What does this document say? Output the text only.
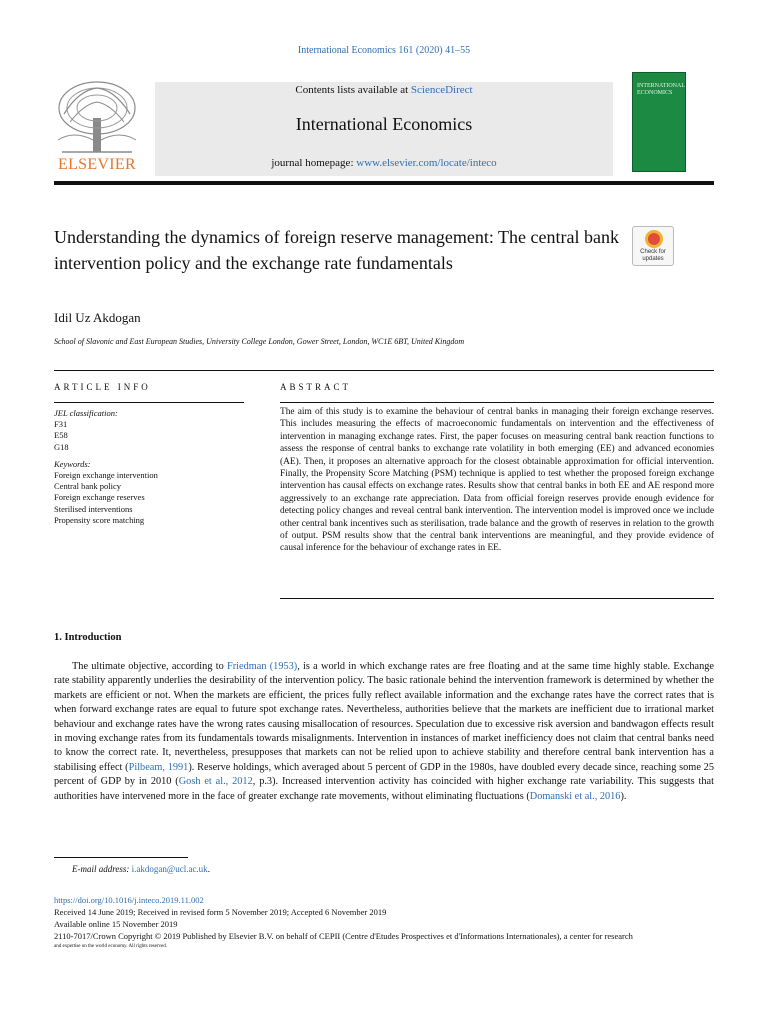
International Economics 161 (2020) 41–55
ELSEVIER
Contents lists available at ScienceDirect
International Economics
journal homepage: www.elsevier.com/locate/inteco
INTERNATIONAL
ECONOMICS
Understanding the dynamics of foreign reserve management: The central bank intervention policy and the exchange rate fundamentals
Check for
updates
Idil Uz Akdogan
School of Slavonic and East European Studies, University College London, Gower Street, London, WC1E 6BT, United Kingdom
ARTICLE INFO	ABSTRACT
JEL classification:
F31
E58
G18
Keywords:
Foreign exchange intervention
Central bank policy
Foreign exchange reserves
Sterilised interventions
Propensity score matching
The aim of this study is to examine the behaviour of central banks in managing their foreign exchange reserves. This includes measuring the effects of macroeconomic fundamentals on intervention and the effectiveness of intervention in managing exchange rates. First, the paper focuses on measuring central bank reaction functions to assess the response of central banks to exchange rate volatility in both emerging (EE) and advanced economies (AE). Then, it proposes an alternative approach for the closest obtainable approximation for official intervention. Finally, the Propensity Score Matching (PSM) technique is applied to test whether the proposed foreign exchange intervention has causal effects on exchange rates. Results show that central banks in both EE and AE respond more aggressively to an exchange rate appreciation. Data from official foreign reserves provide enough evidence for detecting policy changes and reveal central bank intervention. The intervention model is improved once we include other central bank incentives such as sterilisation, trade balance and the growth of reserves in relation to the growth of output. PSM results show that the central bank interventions are meaningful, and they provide evidence of causal inference for the behaviour of exchange rates in EE.
1. Introduction
The ultimate objective, according to Friedman (1953), is a world in which exchange rates are free floating and at the same time highly stable. Exchange rate stability apparently underlies the desirability of the intervention policy. The basic rationale behind the intervention framework is determined by whether the markets are efficient or not. When the markets are efficient, the prices fully reflect available information and the exchange rates have the correct rates that is when forward exchange rates are equal to future spot exchange rates. Nevertheless, authorities believe that the markets are inefficient due to irrational market behaviour and exchange rates have the wrong rates causing misallocation of resources. Speculation due to excessive risk aversion and bandwagon effects result in moving exchange rates from its fundamentals towards misalignments. Intervention in instances of market inefficiency does not claim that central banks need to know the correct rate. It, nevertheless, presupposes that markets can not be relied upon to achieve stability and therefore central bank intervention has a stabilising effect (Pilbeam, 1991). Reserve holdings, which averaged about 5 percent of GDP in the 1980s, have doubled every decade since, reaching some 25 percent of GDP by in 2010 (Gosh et al., 2012, p.3). Increased intervention activity has coincided with higher exchange rate variability. This suggests that authorities have intervened more in the face of greater exchange rate movements, without eliminating fluctuations (Domanski et al., 2016).
E-mail address: i.akdogan@ucl.ac.uk.
https://doi.org/10.1016/j.inteco.2019.11.002
Received 14 June 2019; Received in revised form 5 November 2019; Accepted 6 November 2019
Available online 15 November 2019
2110-7017/Crown Copyright © 2019 Published by Elsevier B.V. on behalf of CEPII (Centre d'Etudes Prospectives et d'Informations Internationales), a center for research
and expertise on the world economy. All rights reserved.
